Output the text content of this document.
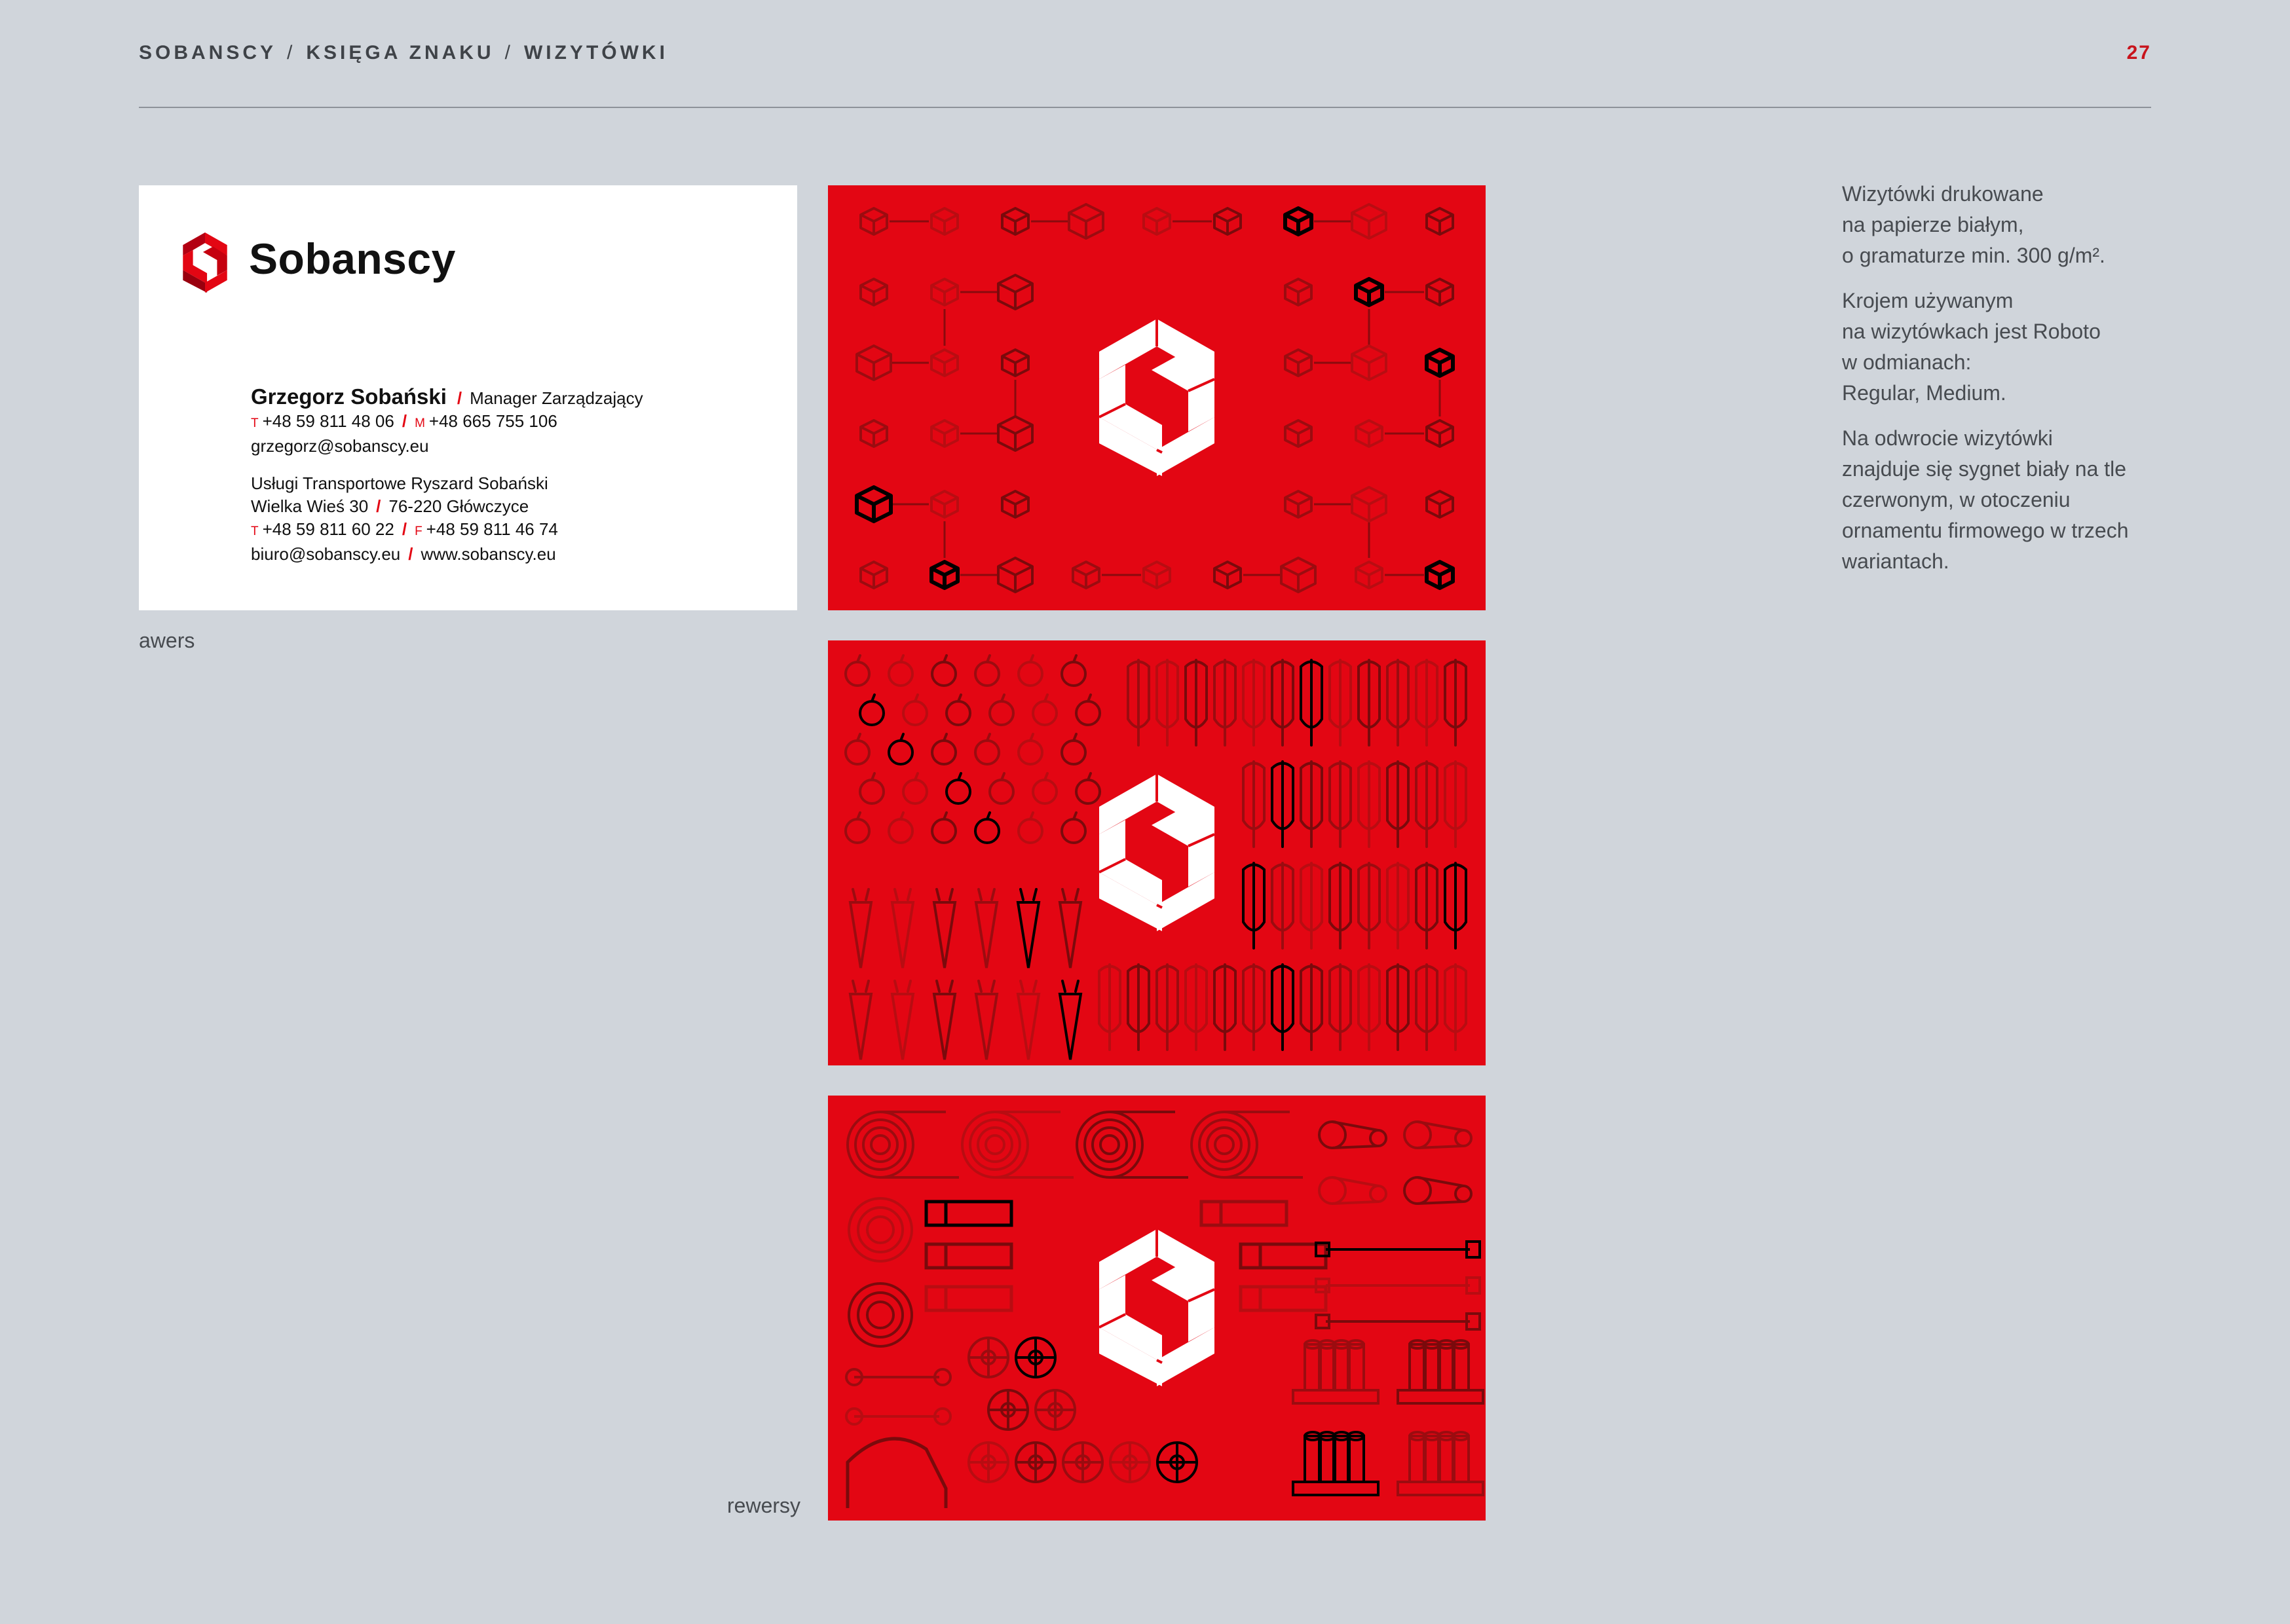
SOBANSCY / KSIĘGA ZNAKU / WIZYTÓWKI	27
Sobanscy
Grzegorz Sobański / Manager Zarządzający
T +48 59 811 48 06 / M +48 665 755 106
grzegorz@sobanscy.eu
Usługi Transportowe Ryszard Sobański
Wielka Wieś 30 / 76-220 Główczyce
T +48 59 811 60 22 / F +48 59 811 46 74
biuro@sobanscy.eu / www.sobanscy.eu
awers
rewersy

Wizytówki drukowane
na papierze białym,
o gramaturze min. 300 g/m².

Krojem używanym
na wizytówkach jest Roboto
w odmianach:
Regular, Medium.

Na odwrocie wizytówki
znajduje się sygnet biały na tle
czerwonym, w otoczeniu
ornamentu firmowego w trzech
wariantach.
